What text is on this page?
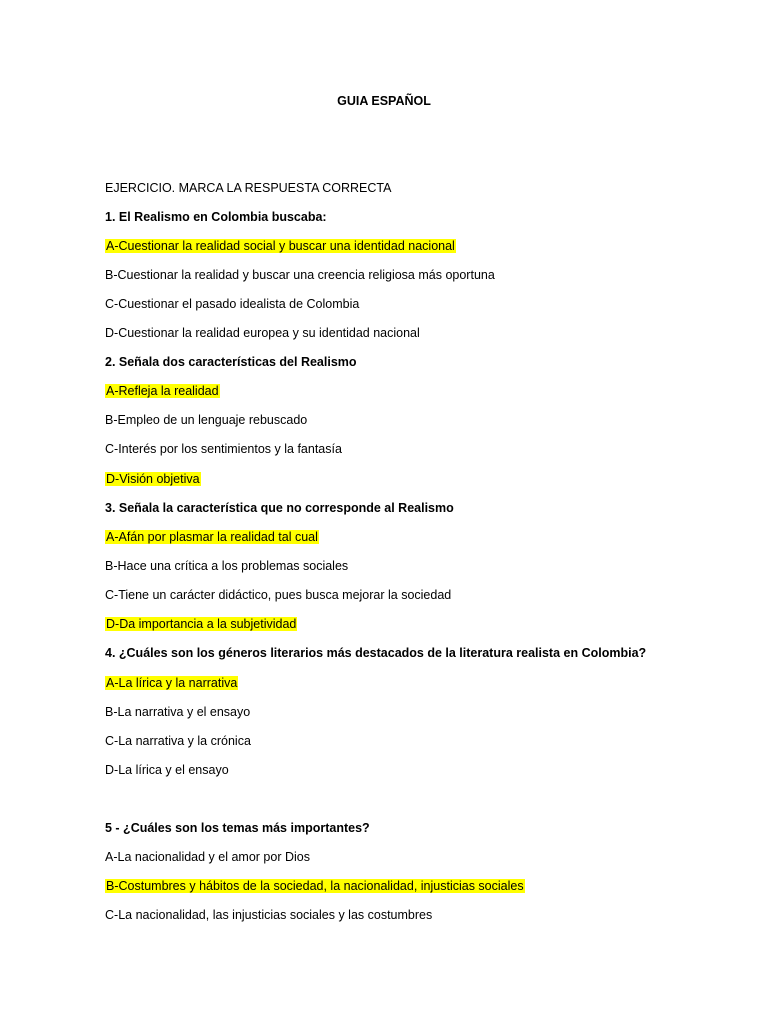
GUIA ESPAÑOL
EJERCICIO. MARCA LA RESPUESTA CORRECTA
1. El Realismo en Colombia buscaba:
A-Cuestionar la realidad social y buscar una identidad nacional
B-Cuestionar la realidad y buscar una creencia religiosa más oportuna
C-Cuestionar el pasado idealista de Colombia
D-Cuestionar la realidad europea y su identidad nacional
2. Señala dos características del Realismo
A-Refleja la realidad
B-Empleo de un lenguaje rebuscado
C-Interés por los sentimientos y la fantasía
D-Visión objetiva
3. Señala la característica que no corresponde al Realismo
A-Afán por plasmar la realidad tal cual
B-Hace una crítica a los problemas sociales
C-Tiene un carácter didáctico, pues busca mejorar la sociedad
D-Da importancia a la subjetividad
4. ¿Cuáles son los géneros literarios más destacados de la literatura realista en Colombia?
A-La lírica y la narrativa
B-La narrativa y el ensayo
C-La narrativa y la crónica
D-La lírica y el ensayo
5 - ¿Cuáles son los temas más importantes?
A-La nacionalidad y el amor por Dios
B-Costumbres y hábitos de la sociedad, la nacionalidad, injusticias sociales
C-La nacionalidad, las injusticias sociales y las costumbres
